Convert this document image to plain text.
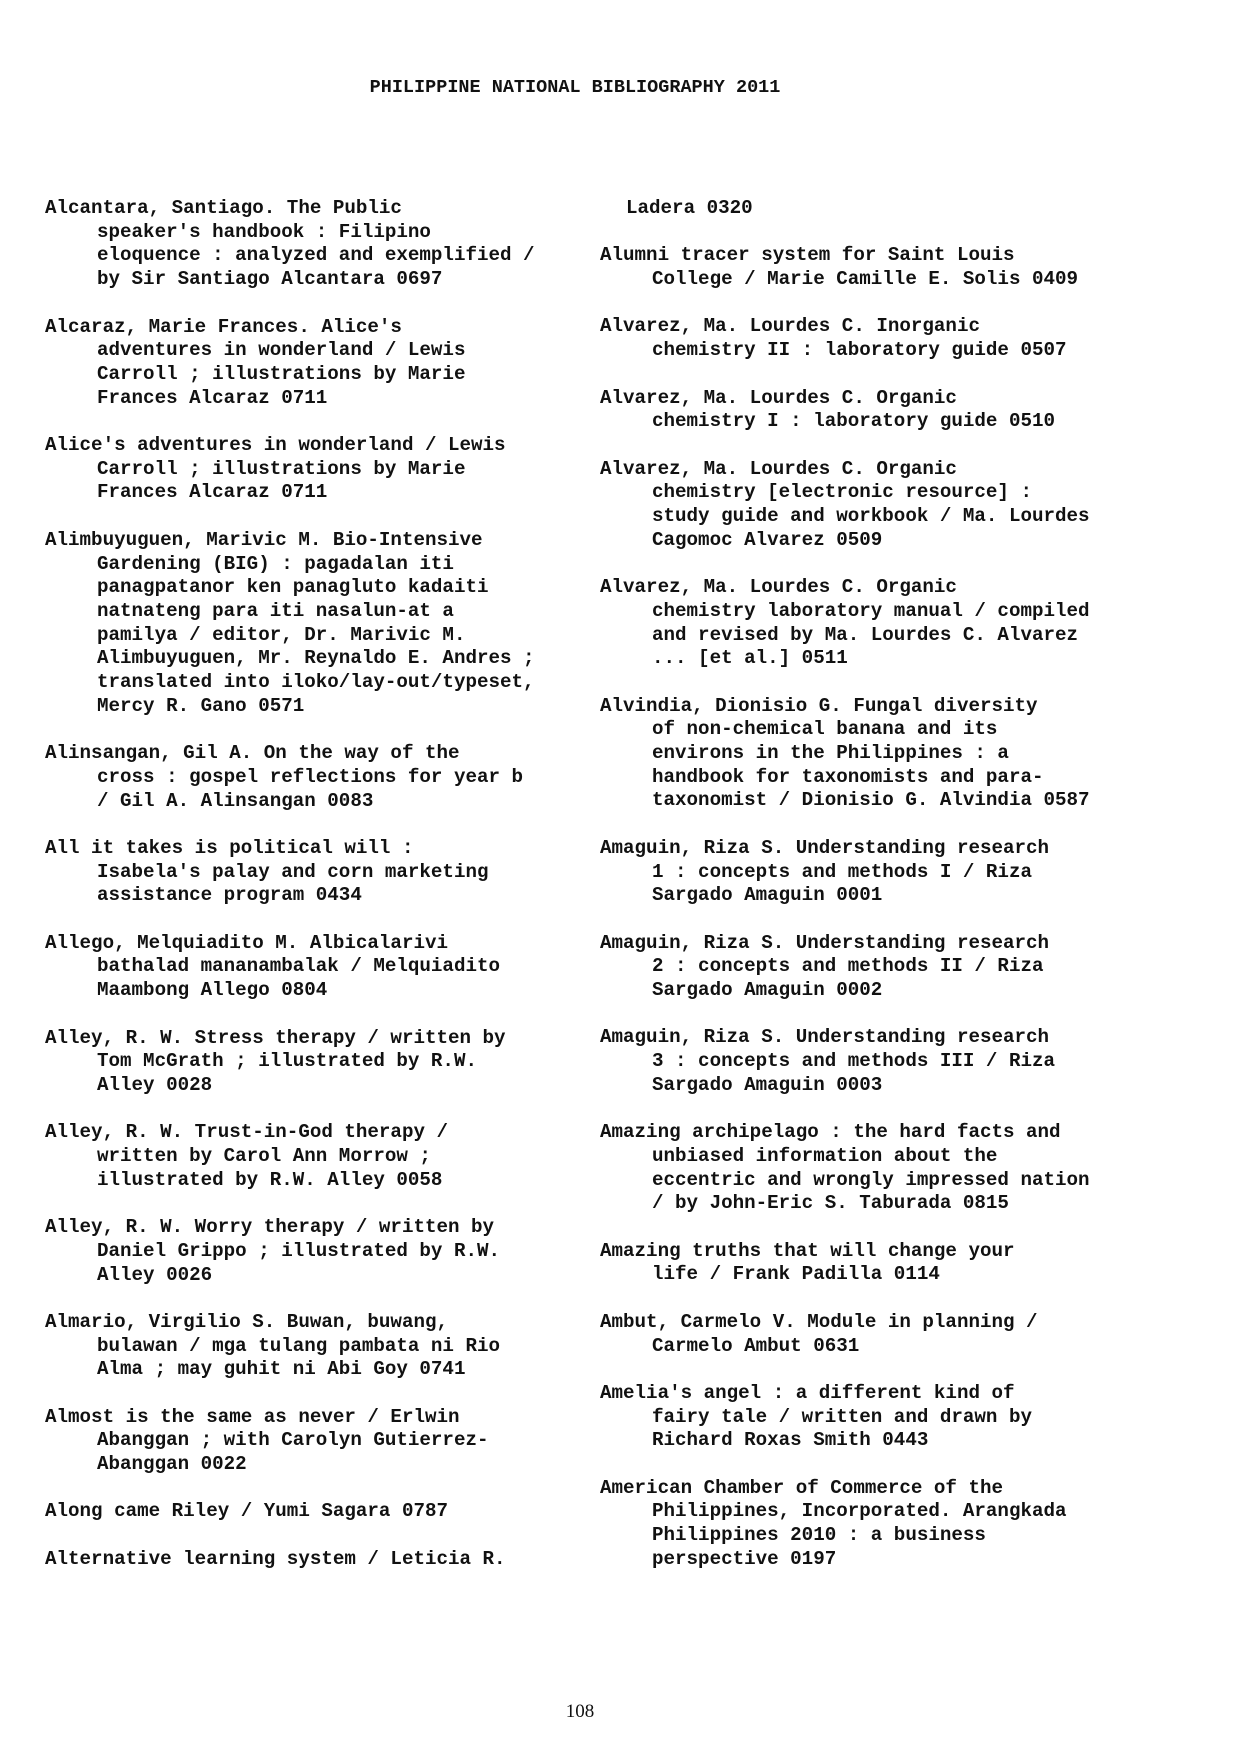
PHILIPPINE NATIONAL BIBLIOGRAPHY 2011
Alcantara, Santiago. The Public
speaker's handbook : Filipino
eloquence : analyzed and exemplified /
by Sir Santiago Alcantara 0697
Alcaraz, Marie Frances. Alice's
adventures in wonderland / Lewis
Carroll ; illustrations by Marie
Frances Alcaraz 0711
Alice's adventures in wonderland / Lewis
Carroll ; illustrations by Marie
Frances Alcaraz 0711
Alimbuyuguen, Marivic M. Bio-Intensive
Gardening (BIG) : pagadalan iti
panagpatanor ken panagluto kadaiti
natnateng para iti nasalun-at a
pamilya / editor, Dr. Marivic M.
Alimbuyuguen, Mr. Reynaldo E. Andres ;
translated into iloko/lay-out/typeset,
Mercy R. Gano 0571
Alinsangan, Gil A. On the way of the
cross : gospel reflections for year b
/ Gil A. Alinsangan 0083
All it takes is political will :
Isabela's palay and corn marketing
assistance program 0434
Allego, Melquiadito M. Albicalarivi
bathalad mananambalak / Melquiadito
Maambong Allego 0804
Alley, R. W. Stress therapy / written by
Tom McGrath ; illustrated by R.W.
Alley 0028
Alley, R. W. Trust-in-God therapy /
written by Carol Ann Morrow ;
illustrated by R.W. Alley 0058
Alley, R. W. Worry therapy / written by
Daniel Grippo ; illustrated by R.W.
Alley 0026
Almario, Virgilio S. Buwan, buwang,
bulawan / mga tulang pambata ni Rio
Alma ; may guhit ni Abi Goy 0741
Almost is the same as never / Erlwin
Abanggan ; with Carolyn Gutierrez-
Abanggan 0022
Along came Riley / Yumi Sagara 0787
Alternative learning system / Leticia R.
Ladera 0320
Alumni tracer system for Saint Louis
College / Marie Camille E. Solis 0409
Alvarez, Ma. Lourdes C. Inorganic
chemistry II : laboratory guide 0507
Alvarez, Ma. Lourdes C. Organic
chemistry I : laboratory guide 0510
Alvarez, Ma. Lourdes C. Organic
chemistry [electronic resource] :
study guide and workbook / Ma. Lourdes
Cagomoc Alvarez 0509
Alvarez, Ma. Lourdes C. Organic
chemistry laboratory manual / compiled
and revised by Ma. Lourdes C. Alvarez
... [et al.] 0511
Alvindia, Dionisio G. Fungal diversity
of non-chemical banana and its
environs in the Philippines : a
handbook for taxonomists and para-
taxonomist / Dionisio G. Alvindia 0587
Amaguin, Riza S. Understanding research
1 : concepts and methods I / Riza
Sargado Amaguin 0001
Amaguin, Riza S. Understanding research
2 : concepts and methods II / Riza
Sargado Amaguin 0002
Amaguin, Riza S. Understanding research
3 : concepts and methods III / Riza
Sargado Amaguin 0003
Amazing archipelago : the hard facts and
unbiased information about the
eccentric and wrongly impressed nation
/ by John-Eric S. Taburada 0815
Amazing truths that will change your
life / Frank Padilla 0114
Ambut, Carmelo V. Module in planning /
Carmelo Ambut 0631
Amelia's angel : a different kind of
fairy tale / written and drawn by
Richard Roxas Smith 0443
American Chamber of Commerce of the
Philippines, Incorporated. Arangkada
Philippines 2010 : a business
perspective 0197
108
